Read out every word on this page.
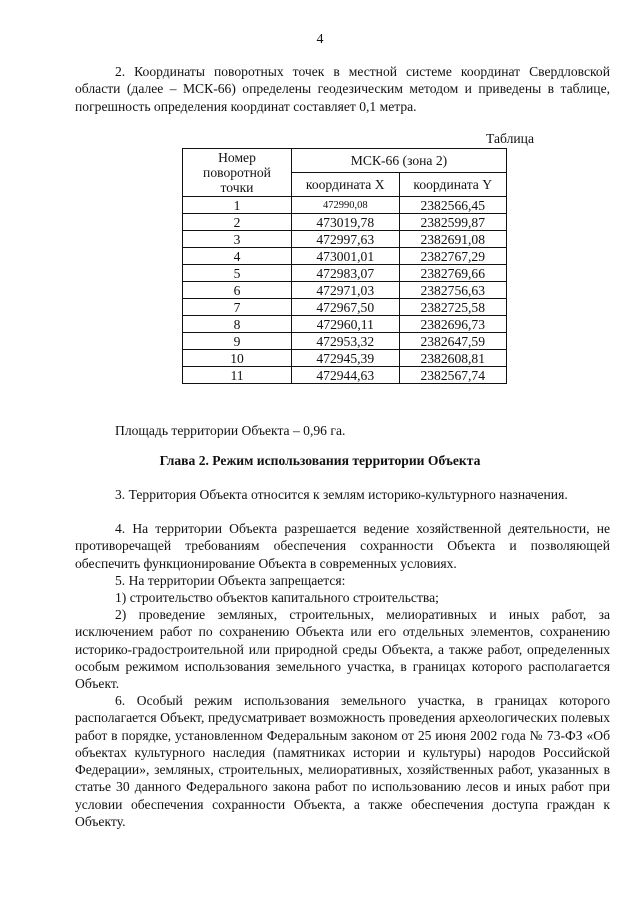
4

2. Координаты поворотных точек в местной системе координат Свердловской области (далее – МСК-66) определены геодезическим методом и приведены в таблице, погрешность определения координат составляет 0,1 метра.

Таблица
Номер поворотной точки	МСК-66 (зона 2)	
	координата X	координата Y
1	472990,08	2382566,45
2	473019,78	2382599,87
3	472997,63	2382691,08
4	473001,01	2382767,29
5	472983,07	2382769,66
6	472971,03	2382756,63
7	472967,50	2382725,58
8	472960,11	2382696,73
9	472953,32	2382647,59
10	472945,39	2382608,81
11	472944,63	2382567,74
Площадь территории Объекта – 0,96 га.
Глава 2. Режим использования территории Объекта

3. Территория Объекта относится к землям историко-культурного назначения.

4. На территории Объекта разрешается ведение хозяйственной деятельности, не противоречащей требованиям обеспечения сохранности Объекта и позволяющей обеспечить функционирование Объекта в современных условиях.

5. На территории Объекта запрещается:

1) строительство объектов капитального строительства;

2) проведение земляных, строительных, мелиоративных и иных работ, за исключением работ по сохранению Объекта или его отдельных элементов, сохранению историко-градостроительной или природной среды Объекта, а также работ, определенных особым режимом использования земельного участка, в границах которого располагается Объект.

6. Особый режим использования земельного участка, в границах которого располагается Объект, предусматривает возможность проведения археологических полевых работ в порядке, установленном Федеральным законом от 25 июня 2002 года № 73-ФЗ «Об объектах культурного наследия (памятниках истории и культуры) народов Российской Федерации», земляных, строительных, мелиоративных, хозяйственных работ, указанных в статье 30 данного Федерального закона работ по использованию лесов и иных работ при условии обеспечения сохранности Объекта, а также обеспечения доступа граждан к Объекту.
